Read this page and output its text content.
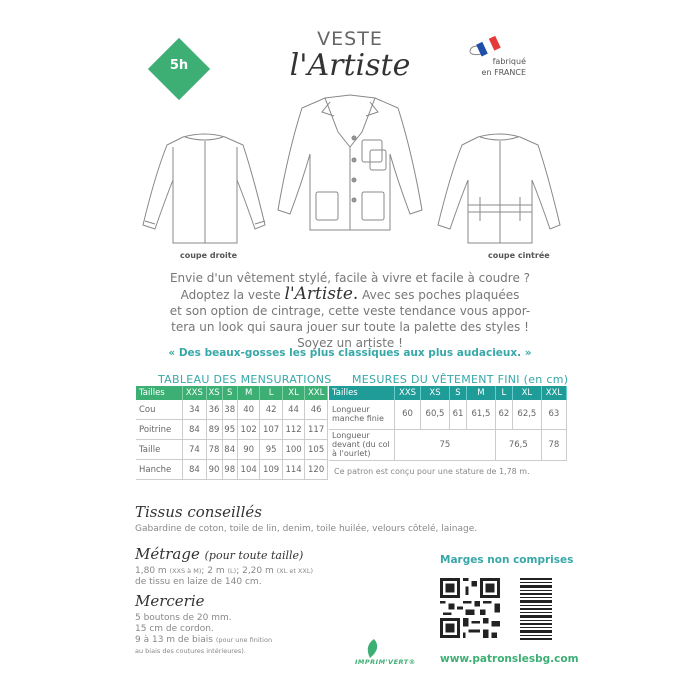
5h
VESTE
l'Artiste	fabriqué
en FRANCE
coupe droite	coupe cintrée
Envie d'un vêtement stylé, facile à vivre et facile à coudre ?
Adoptez la veste l'Artiste. Avec ses poches plaquées
et son option de cintrage, cette veste tendance vous appor-
tera un look qui saura jouer sur toute la palette des styles !
Soyez un artiste !
« Des beaux-gosses les plus classiques aux plus audacieux. »
TABLEAU DES MENSURATIONS MESURES DU VÊTEMENT FINI (en cm)
Tailles	XXS	XS	S	M	L	XL	XXL
Cou	34	36	38	40	42	44	46
Poitrine	84	89	95	102	107	112	117
Taille	74	78	84	90	95	100	105
Hanche	84	90	98	104	109	114	120
Tailles	XXS	XS	S	M	L	XL	XXL
Longueur manche finie	60	60,5	61	61,5	62	62,5	63
Longueur devant (du col à l'ourlet)	75				76,5		78
Ce patron est conçu pour une stature de 1,78 m.
Tissus conseillés
Gabardine de coton, toile de lin, denim, toile huilée, velours côtelé, lainage.
Métrage (pour toute taille)
1,80 m (XXS à M); 2 m (L); 2,20 m (XL et XXL)
de tissu en laize de 140 cm.
Mercerie
5 boutons de 20 mm.
15 cm de cordon.
9 à 13 m de biais (pour une finition
au biais des coutures intérieures).
IMPRIM'VERT®
Marges non comprises
www.patronslesbg.com
